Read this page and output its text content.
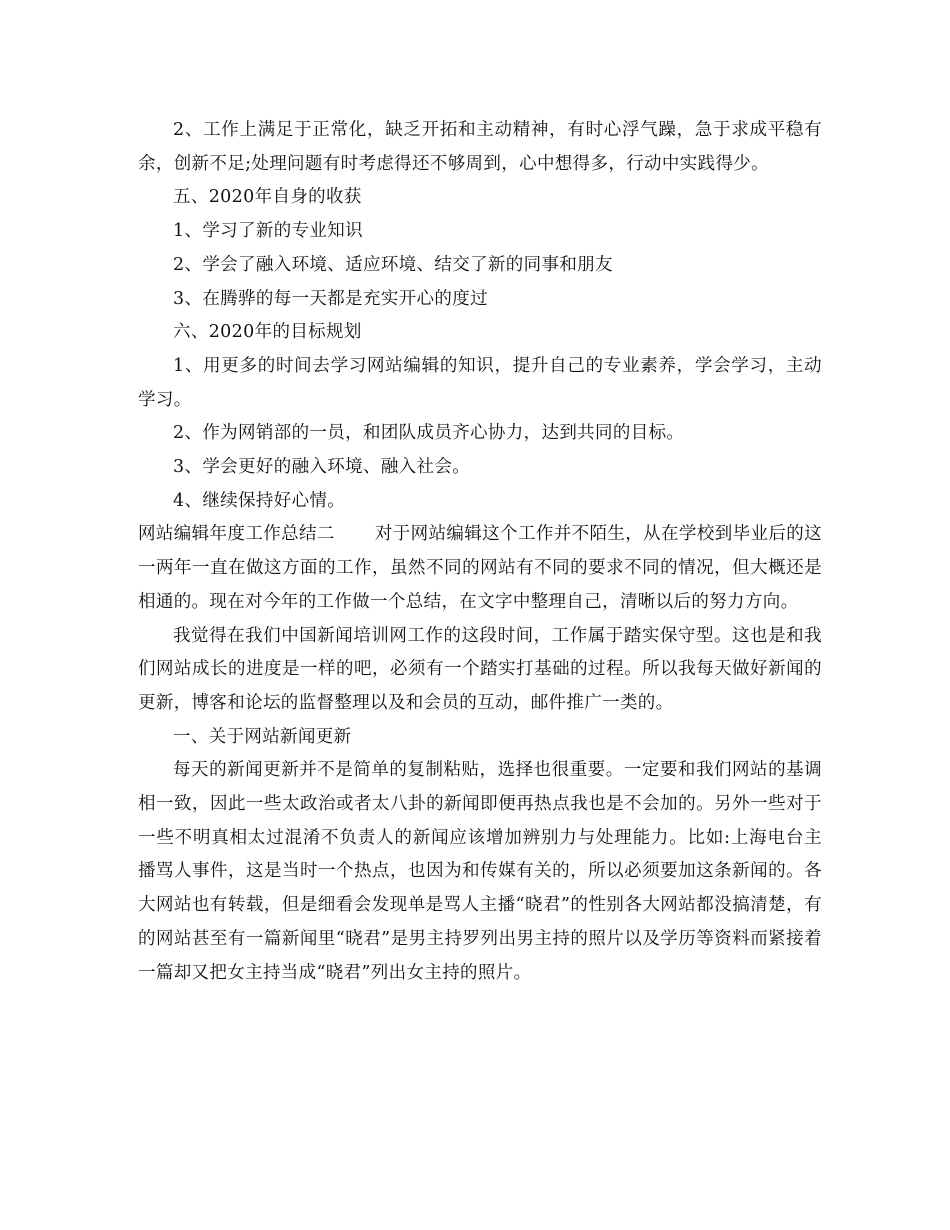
2、工作上满足于正常化，缺乏开拓和主动精神，有时心浮气躁，急于求成平稳有余，创新不足;处理问题有时考虑得还不够周到，心中想得多，行动中实践得少。

五、2020年自身的收获

1、学习了新的专业知识

2、学会了融入环境、适应环境、结交了新的同事和朋友

3、在腾骅的每一天都是充实开心的度过

六、2020年的目标规划

1、用更多的时间去学习网站编辑的知识，提升自己的专业素养，学会学习，主动学习。

2、作为网销部的一员，和团队成员齐心协力，达到共同的目标。

3、学会更好的融入环境、融入社会。

4、继续保持好心情。

网站编辑年度工作总结二 对于网站编辑这个工作并不陌生，从在学校到毕业后的这一两年一直在做这方面的工作，虽然不同的网站有不同的要求不同的情况，但大概还是相通的。现在对今年的工作做一个总结，在文字中整理自己，清晰以后的努力方向。

我觉得在我们中国新闻培训网工作的这段时间，工作属于踏实保守型。这也是和我们网站成长的进度是一样的吧，必须有一个踏实打基础的过程。所以我每天做好新闻的更新，博客和论坛的监督整理以及和会员的互动，邮件推广一类的。

一、关于网站新闻更新

每天的新闻更新并不是简单的复制粘贴，选择也很重要。一定要和我们网站的基调相一致，因此一些太政治或者太八卦的新闻即便再热点我也是不会加的。另外一些对于一些不明真相太过混淆不负责人的新闻应该增加辨别力与处理能力。比如:上海电台主播骂人事件，这是当时一个热点，也因为和传媒有关的，所以必须要加这条新闻的。各大网站也有转载，但是细看会发现单是骂人主播“晓君”的性别各大网站都没搞清楚，有的网站甚至有一篇新闻里“晓君”是男主持罗列出男主持的照片以及学历等资料而紧接着一篇却又把女主持当成“晓君”列出女主持的照片。
